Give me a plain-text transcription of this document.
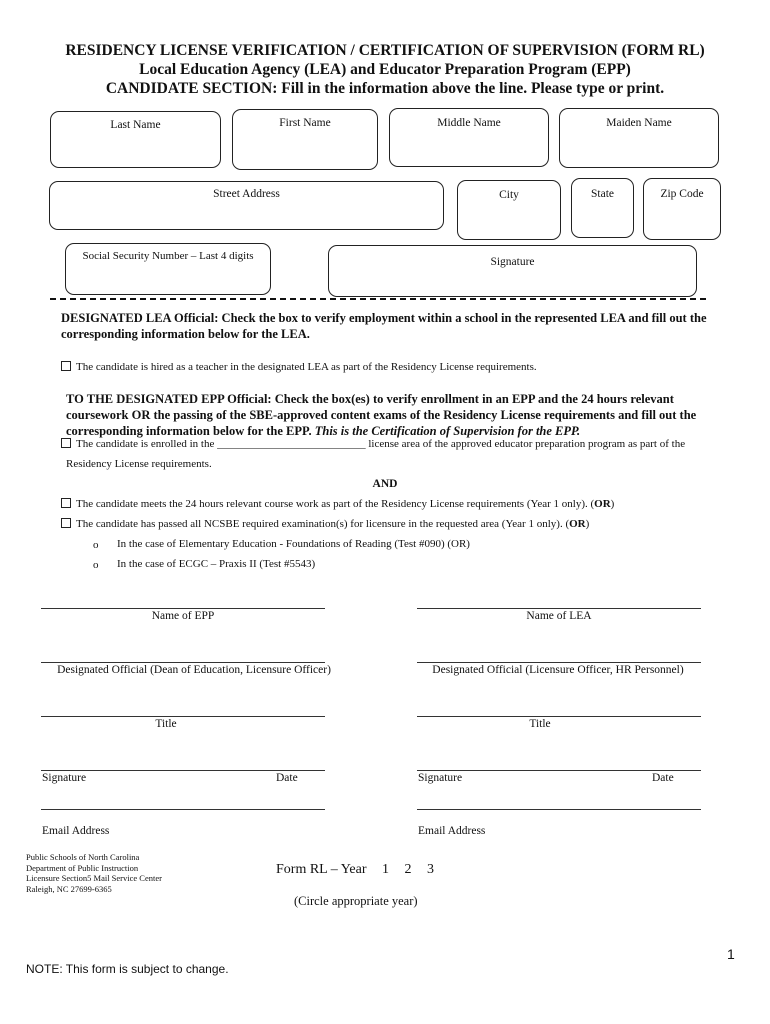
RESIDENCY LICENSE VERIFICATION / CERTIFICATION OF SUPERVISION (FORM RL)
Local Education Agency (LEA) and Educator Preparation Program (EPP)
CANDIDATE SECTION: Fill in the information above the line. Please type or print.
Last Name	First Name	Middle Name	Maiden Name
Street Address	City	State	Zip Code
Social Security Number – Last 4 digits	Signature
DESIGNATED LEA Official: Check the box to verify employment within a school in the represented LEA and fill out the corresponding information below for the LEA.
The candidate is hired as a teacher in the designated LEA as part of the Residency License requirements.
TO THE DESIGNATED EPP Official: Check the box(es) to verify enrollment in an EPP and the 24 hours relevant coursework OR the passing of the SBE-approved content exams of the Residency License requirements and fill out the corresponding information below for the EPP. This is the Certification of Supervision for the EPP.
The candidate is enrolled in the ___________________________ license area of the approved educator preparation program as part of the
Residency License requirements.
AND
The candidate meets the 24 hours relevant course work as part of the Residency License requirements (Year 1 only). (OR)
The candidate has passed all NCSBE required examination(s) for licensure in the requested area (Year 1 only). (OR)
o In the case of Elementary Education - Foundations of Reading (Test #090) (OR)
o In the case of ECGC – Praxis II (Test #5543)
Name of EPP
Designated Official (Dean of Education, Licensure Officer)
Title
Signature	Date
Email Address
Name of LEA
Designated Official (Licensure Officer, HR Personnel)
Title
Signature	Date
Email Address
Public Schools of North Carolina
Department of Public Instruction
Licensure Section5 Mail Service Center
Raleigh, NC 27699-6365
Form RL – Year 1 2 3
(Circle appropriate year)
1
NOTE: This form is subject to change.
